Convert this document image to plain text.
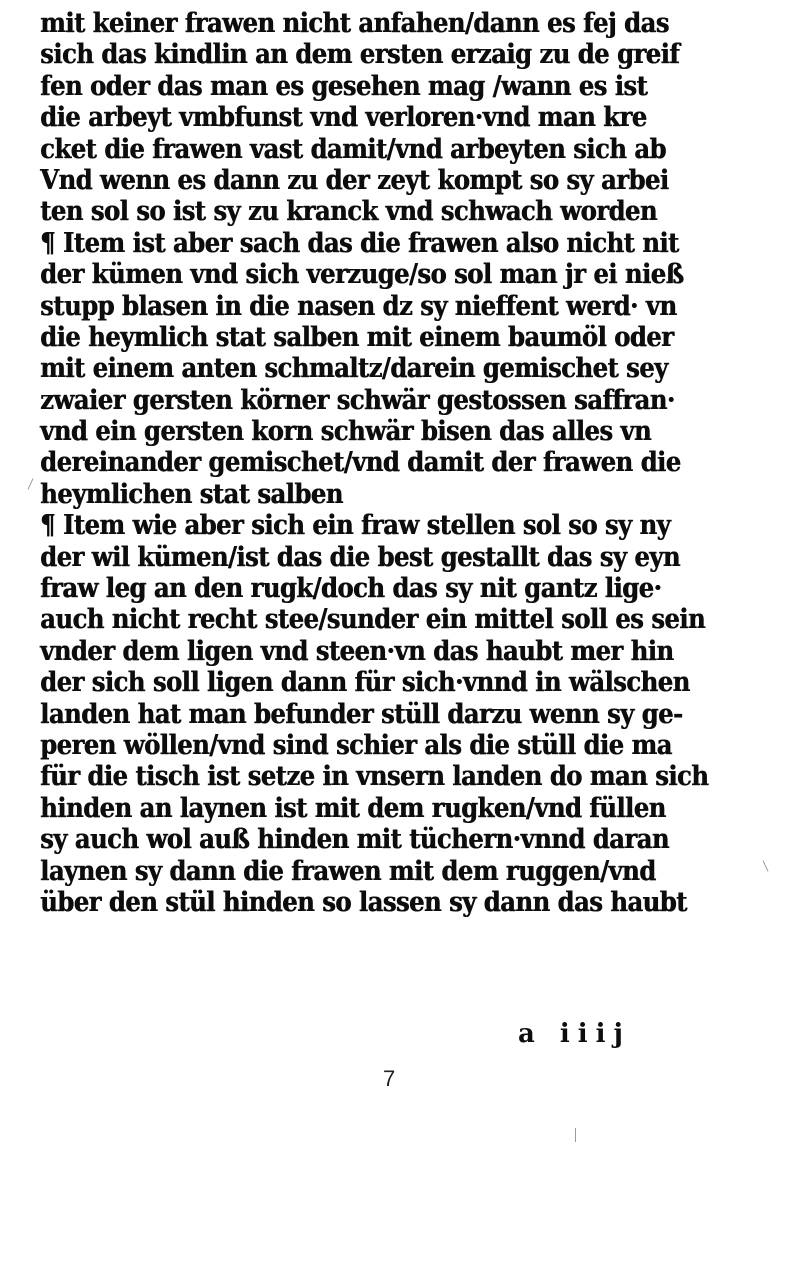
mit keiner frawen nicht anfahen/dann es fej das
sich das kindlin an dem ersten erzaig zu de greif
fen oder das man es gesehen mag /wann es ist
die arbeyt vmbfunst vnd verloren·vnd man kre
cket die frawen vast damit/vnd arbeyten sich ab
Vnd wenn es dann zu der zeyt kompt so sy arbei
ten sol so ist sy zu kranck vnd schwach worden
¶ Item ist aber sach das die frawen also nicht nit
der kümen vnd sich verzuge/so sol man jr ei nieß
stupp blasen in die nasen dz sy nieffent werd· vn
die heymlich stat salben mit einem baumöl oder
mit einem anten schmaltz/darein gemischet sey
zwaier gersten körner schwär gestossen saffran·
vnd ein gersten korn schwär bisen das alles vn
dereinander gemischet/vnd damit der frawen die
heymlichen stat salben
¶ Item wie aber sich ein fraw stellen sol so sy ny
der wil kümen/ist das die best gestallt das sy eyn
fraw leg an den rugk/doch das sy nit gantz lige·
auch nicht recht stee/sunder ein mittel soll es sein
vnder dem ligen vnd steen·vn das haubt mer hin
der sich soll ligen dann für sich·vnnd in wälschen
landen hat man befunder stüll darzu wenn sy ge-
peren wöllen/vnd sind schier als die stüll die ma
für die tisch ist setze in vnsern landen do man sich
hinden an laynen ist mit dem rugken/vnd füllen
sy auch wol auß hinden mit tüchern·vnnd daran
laynen sy dann die frawen mit dem ruggen/vnd
über den stül hinden so lassen sy dann das haubt
a iiij
7
